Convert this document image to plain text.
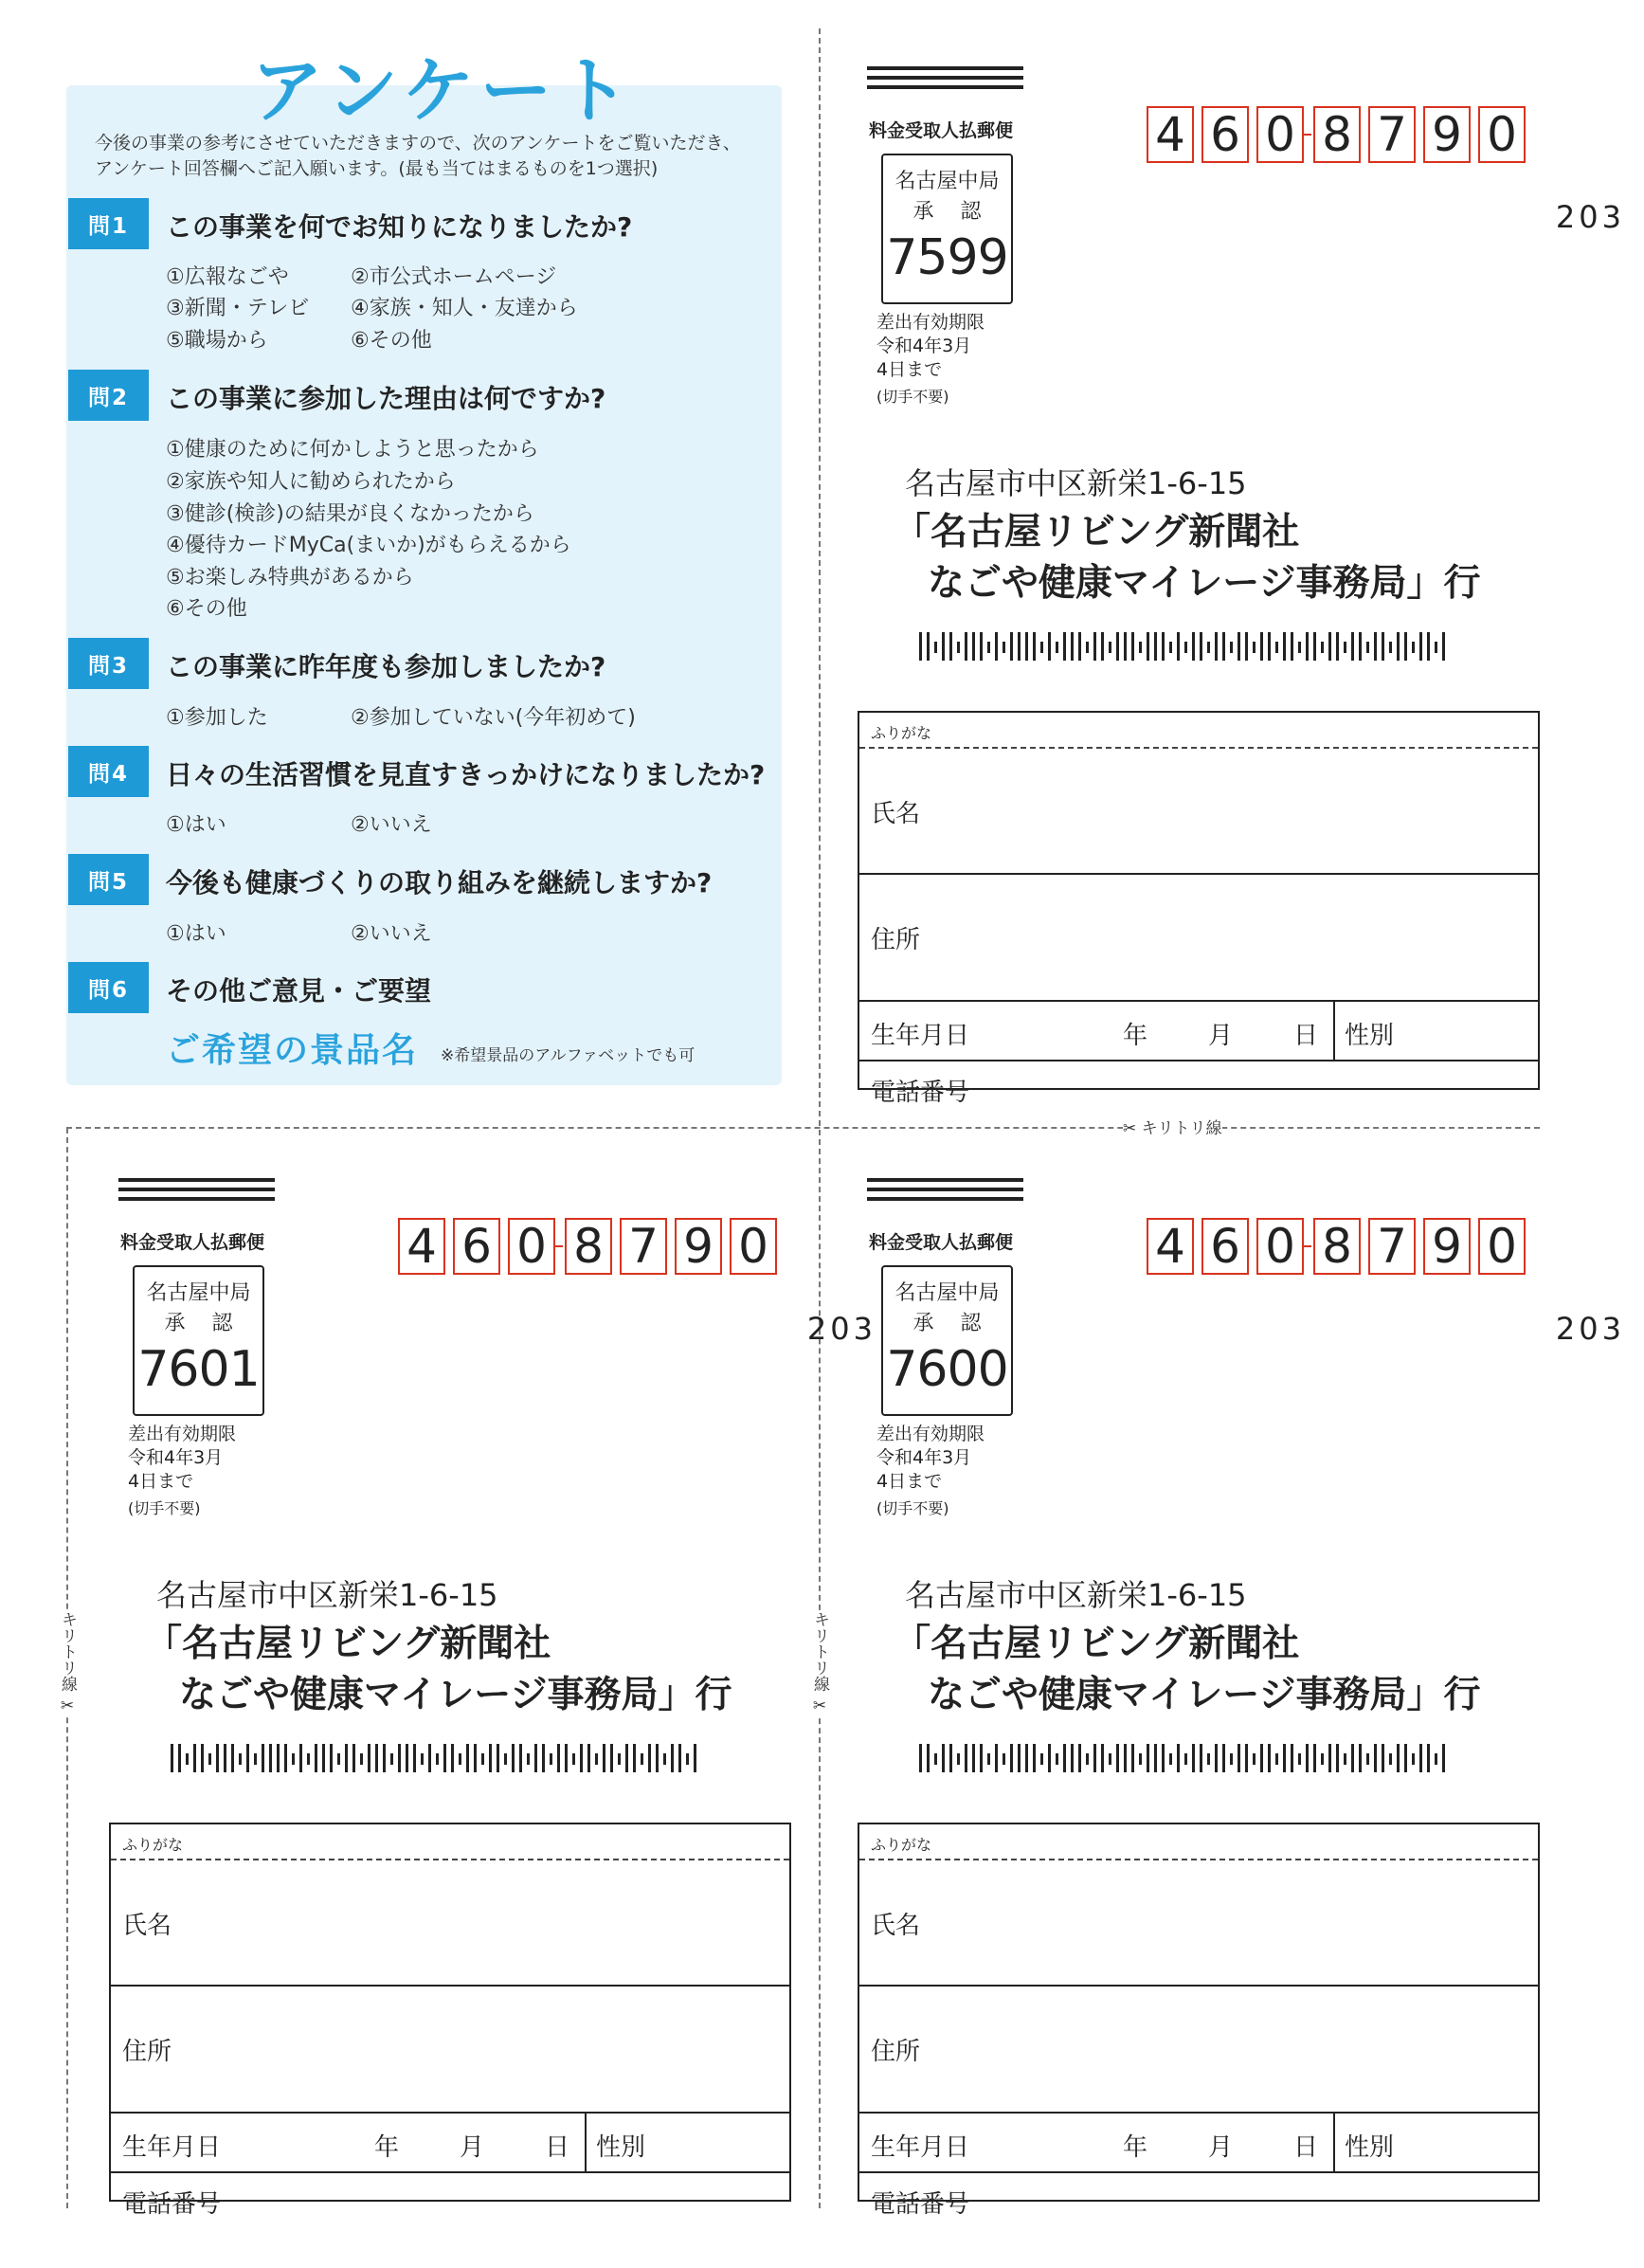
アンケート
今後の事業の参考にさせていただきますので、次のアンケートをご覧いただき、
アンケート回答欄へご記入願います。(最も当てはまるものを1つ選択)
問1	この事業を何でお知りになりましたか?
①広報なごや	②市公式ホームページ
③新聞・テレビ ④家族・知人・友達から
⑤職場から	⑥その他
問2	この事業に参加した理由は何ですか?
①健康のために何かしようと思ったから
②家族や知人に勧められたから
③健診(検診)の結果が良くなかったから
④優待カードMyCa(まいか)がもらえるから
⑤お楽しみ特典があるから
⑥その他
問3	この事業に昨年度も参加しましたか?
①参加した	②参加していない(今年初めて)
問4	日々の生活習慣を見直すきっかけになりましたか?
①はい	②いいえ
問5	今後も健康づくりの取り組みを継続しますか?
①はい	②いいえ
問6	その他ご意見・ご要望
ご希望の景品名 ※希望景品のアルファベットでも可
✂ キリトリ線
キリトリ線
✂
キリトリ線
✂
料金受取人払郵便
名古屋中局
承認
7599
差出有効期限
令和4年3月
4日まで
(切手不要)
4 6 0 8 7 9 0
203
名古屋市中区新栄1-6-15
「名古屋リビング新聞社
なごや健康マイレージ事務局」行
ふりがな
氏名
住所
生年月日	年 月 日 性別
電話番号
料金受取人払郵便
名古屋中局
承認
7601
差出有効期限
令和4年3月
4日まで
(切手不要)
4 6 0 8 7 9 0
203
名古屋市中区新栄1-6-15
「名古屋リビング新聞社
なごや健康マイレージ事務局」行
ふりがな
氏名
住所
生年月日	年 月 日 性別
電話番号
料金受取人払郵便
名古屋中局
承認
7600
差出有効期限
令和4年3月
4日まで
(切手不要)
4 6 0 8 7 9 0
203
名古屋市中区新栄1-6-15
「名古屋リビング新聞社
なごや健康マイレージ事務局」行
ふりがな
氏名
住所
生年月日	年 月 日 性別
電話番号
